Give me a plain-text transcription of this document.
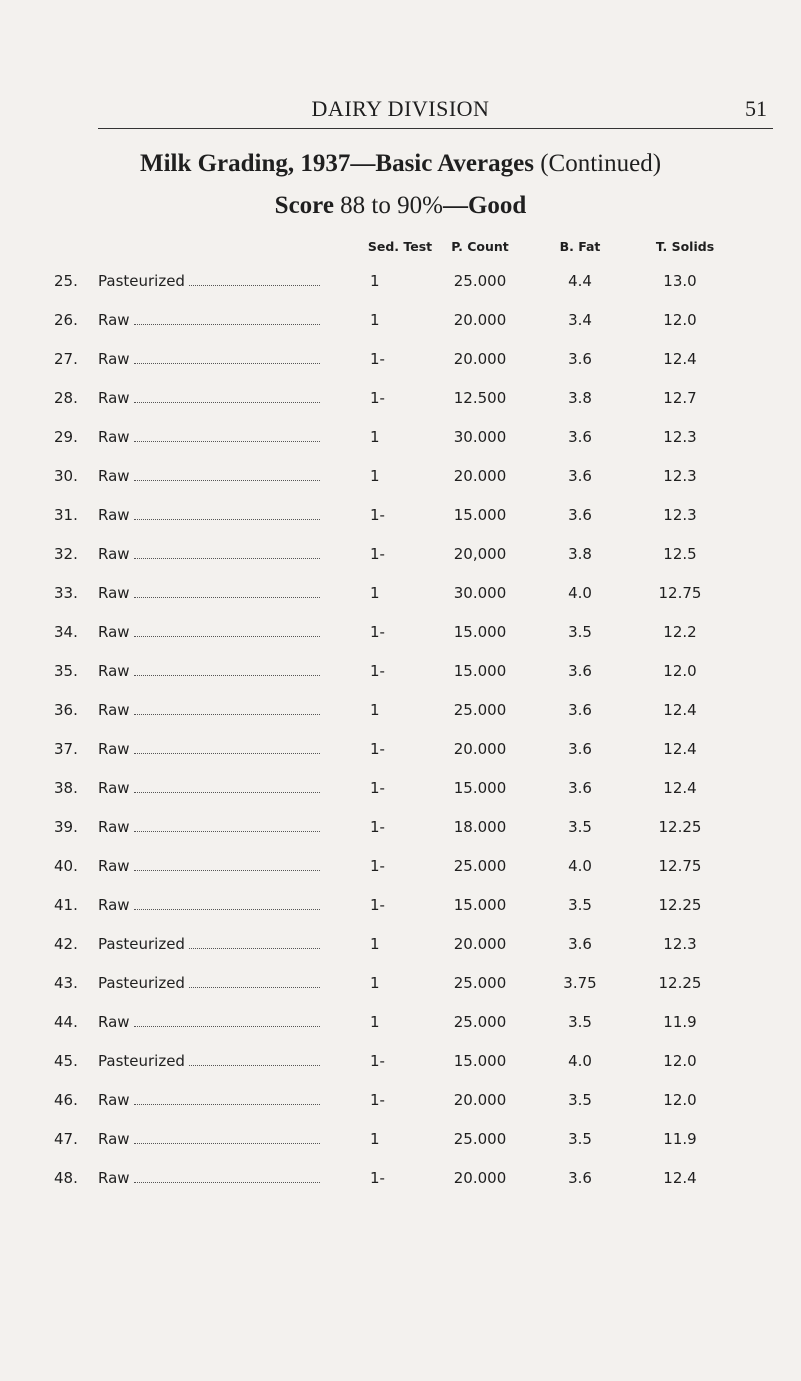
DAIRY DIVISION	51
Milk Grading, 1937—Basic Averages (Continued)
Score 88 to 90%—Good
Sed. Test	P. Count	B. Fat	T. Solids
25. Pasteurized	1	25.000	4.4	13.0
26. Raw	1	20.000	3.4	12.0
27. Raw	1-	20.000	3.6	12.4
28. Raw	1-	12.500	3.8	12.7
29. Raw	1	30.000	3.6	12.3
30. Raw	1	20.000	3.6	12.3
31. Raw	1-	15.000	3.6	12.3
32. Raw	1-	20,000	3.8	12.5
33. Raw	1	30.000	4.0	12.75
34. Raw	1-	15.000	3.5	12.2
35. Raw	1-	15.000	3.6	12.0
36. Raw	1	25.000	3.6	12.4
37. Raw	1-	20.000	3.6	12.4
38. Raw	1-	15.000	3.6	12.4
39. Raw	1-	18.000	3.5	12.25
40. Raw	1-	25.000	4.0	12.75
41. Raw	1-	15.000	3.5	12.25
42. Pasteurized	1	20.000	3.6	12.3
43. Pasteurized	1	25.000	3.75	12.25
44. Raw	1	25.000	3.5	11.9
45. Pasteurized	1-	15.000	4.0	12.0
46. Raw	1-	20.000	3.5	12.0
47. Raw	1	25.000	3.5	11.9
48. Raw	1-	20.000	3.6	12.4
